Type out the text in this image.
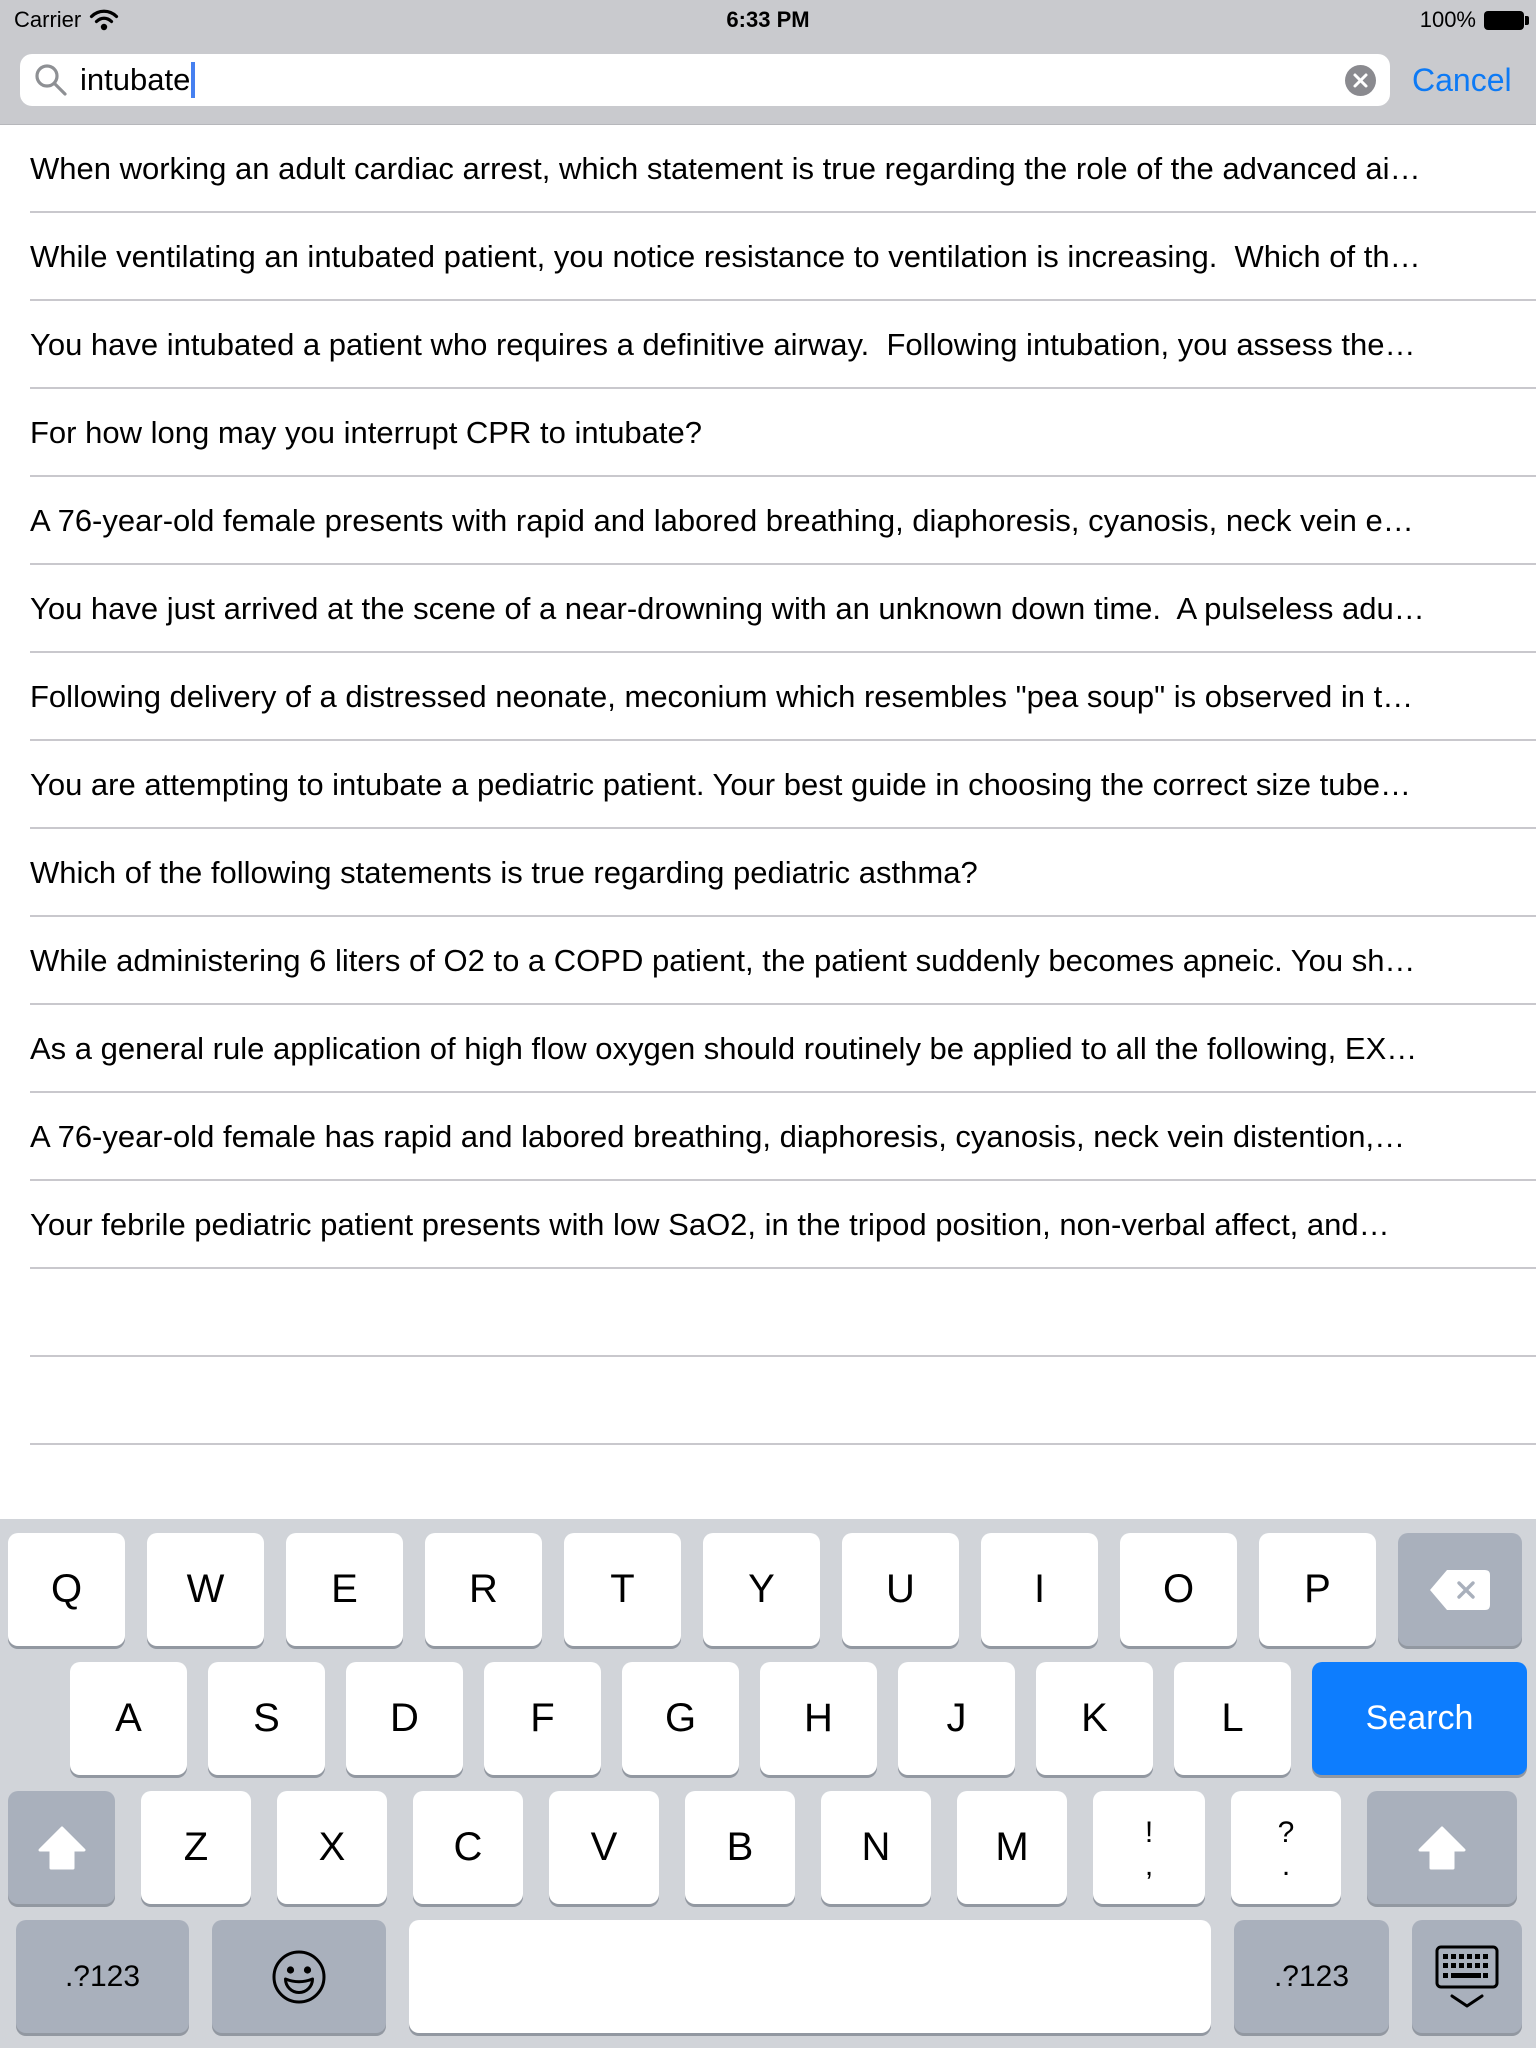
Carrier	6:33 PM	100%
intubate	Cancel
When working an adult cardiac arrest, which statement is true regarding the role of the advanced ai…
While ventilating an intubated patient, you notice resistance to ventilation is increasing.  Which of th…
You have intubated a patient who requires a definitive airway.  Following intubation, you assess the…
For how long may you interrupt CPR to intubate?
A 76-year-old female presents with rapid and labored breathing, diaphoresis, cyanosis, neck vein e…
You have just arrived at the scene of a near-drowning with an unknown down time.  A pulseless adu…
Following delivery of a distressed neonate, meconium which resembles "pea soup" is observed in t…
You are attempting to intubate a pediatric patient. Your best guide in choosing the correct size tube…
Which of the following statements is true regarding pediatric asthma?
While administering 6 liters of O2 to a COPD patient, the patient suddenly becomes apneic. You sh…
As a general rule application of high flow oxygen should routinely be applied to all the following, EX…
A 76-year-old female has rapid and labored breathing, diaphoresis, cyanosis, neck vein distention,…
Your febrile pediatric patient presents with low SaO2, in the tripod position, non-verbal affect, and…
Q	W	E	R	T	Y	U	I	O	P
A	S	D	F	G	H	J	K	L	Search
Z	X	C	V	B	N	M	!
,
?
.
.?123	.?123
